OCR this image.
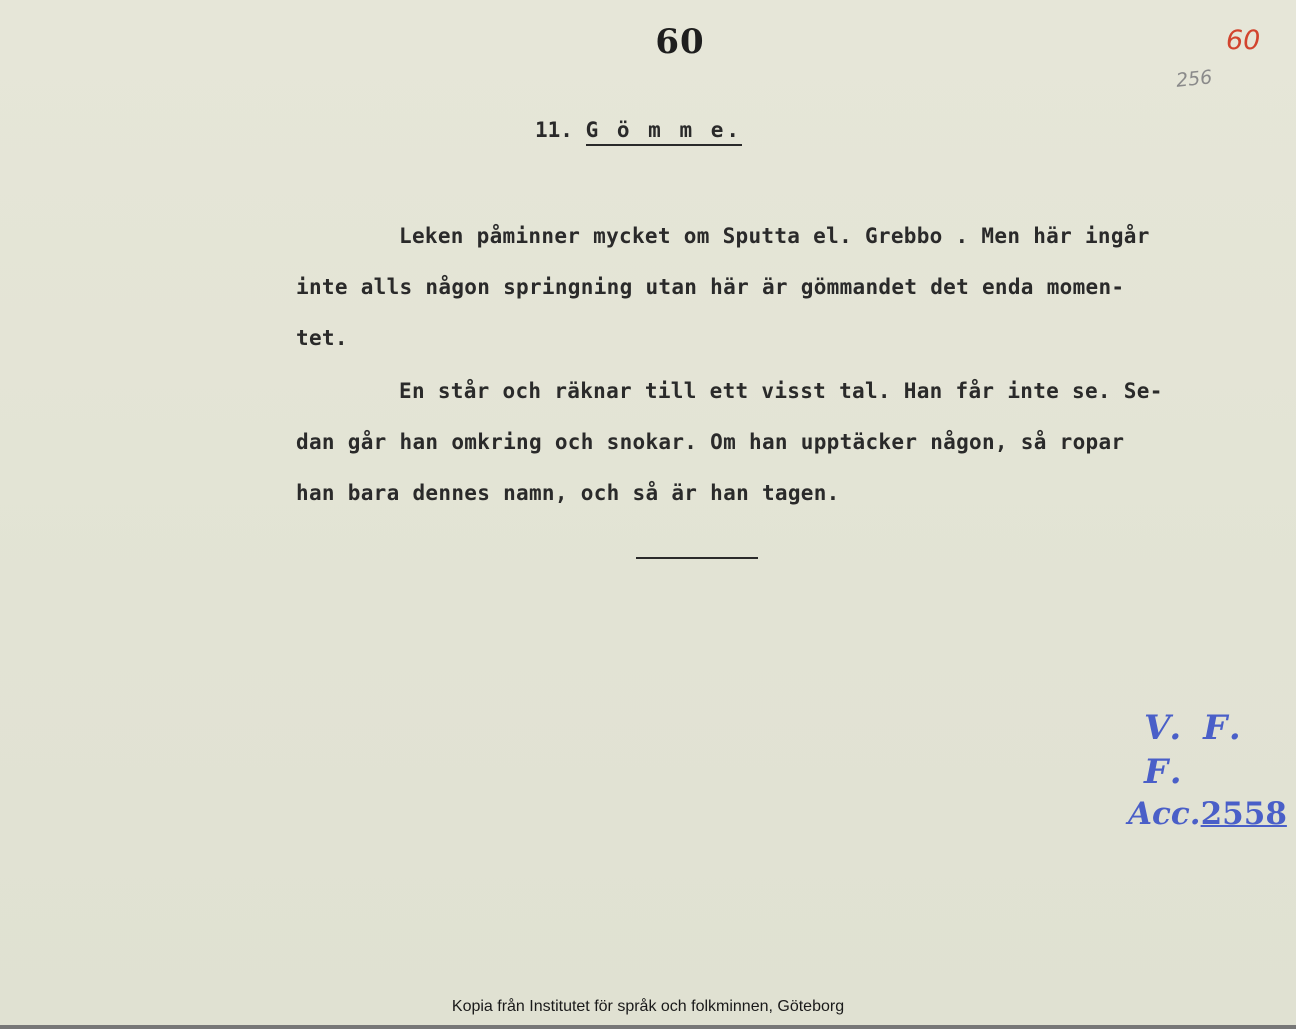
60	60
256
11. G ö m m e.
Leken påminner mycket om Sputta el. Grebbo . Men här ingår
inte alls någon springning utan här är gömmandet det enda momen-
tet.
En står och räknar till ett visst tal. Han får inte se. Se-
dan går han omkring och snokar. Om han upptäcker någon, så ropar
han bara dennes namn, och så är han tagen.
V. F. F.
Acc.2558
Kopia från Institutet för språk och folkminnen, Göteborg
